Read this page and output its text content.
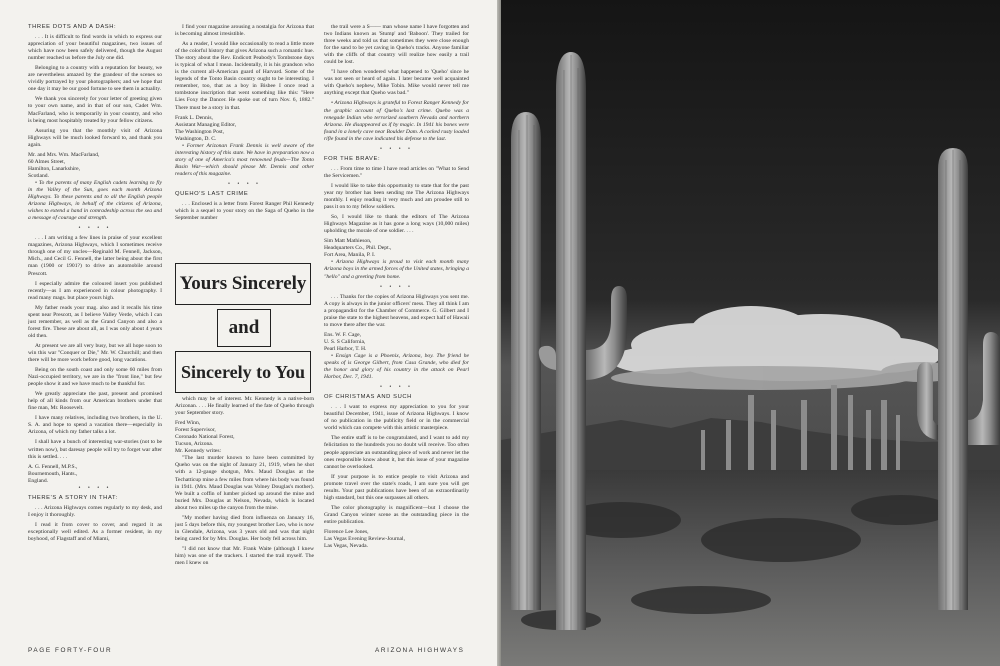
THREE DOTS AND A DASH:

. . . It is difficult to find words in which to express our appreciation of your beautiful magazines, two issues of which have now been safely delivered, though the August number reached us before the July one did.

Belonging to a country with a reputation for beauty, we are nevertheless amazed by the grandeur of the scenes so vividly portrayed by your photographers; and we hope that one day it may be our good fortune to see them in actuality.

We thank you sincerely for your letter of greeting given to your own name, and in that of our son, Cadet Wm. MacFarland, who is temporarily in your country, and who is being most hospitably treated by your fellow citizens.

Assuring you that the monthly visit of Arizona Highways will be much looked forward to, and thank you again.

Mr. and Mrs. Wm. MacFarland,

60 Almes Street,

Hamilton, Lanarkshire,

Scotland.

• To the parents of many English cadets learning to fly in the Valley of the Sun, goes each month Arizona Highways. To these parents and to all the English people Arizona Highways, in behalf of the citizens of Arizona, wishes to extend a hand in comradeship across the sea and a message of courage and strength.

• • • •

. . . I am writing a few lines in praise of your excellent magazines, Arizona Highways, which I sometimes receive through one of my uncles—Reginald M. Fennell, Jackson, Mich., and Cecil G. Fennell, the latter being about the first man (1900 or 1901?) to drive an automobile around Prescott.

I especially admire the coloured insert you published recently—as I am experienced in colour photography. I read many mags. but place yours high.

My father reads your mag. also and it recalls his time spent near Prescott, as I believe Valley Verde, which I can just remember, as well as the Grand Canyon and also a forest fire. These are about all, as I was only about 4 years old then.

At present we are all very busy, but we all hope soon to win this war "Conquer or Die," Mr. W. Churchill; and then there will be more work before good, long vacations.

Being on the south coast and only some 60 miles from Nazi-occupied territory, we are in the "front line," but few people show it and we have much to be thankful for.

We greatly appreciate the past, present and promised help of all kinds from our American brothers under that fine man, Mr. Roosevelt.

I have many relatives, including two brothers, in the U. S. A. and hope to spend a vacation there—especially in Arizona, of which my father talks a lot.

I shall have a bunch of interesting war-stories (not to be written now), but daresay people will try to forget war after this is settled. . . .

A. G. Fennell, M.P.S.,

Bournemouth, Hants.,

England.

• • • •

THERE'S A STORY IN THAT:

. . . Arizona Highways comes regularly to my desk, and I enjoy it thoroughly.

I read it from cover to cover, and regard it as exceptionally well edited. As a former resident, in my boyhood, of Flagstaff and of Miami,

I find your magazine arousing a nostalgia for Arizona that is becoming almost irresistible.

As a reader, I would like occasionally to read a little more of the colorful history that gives Arizona such a romantic hue. The story about the Rev. Endicott Peabody's Tombstone days is typical of what I mean. Incidentally, it is his grandson who is the current all-American guard of Harvard. Some of the legends of the Tonto Basin country ought to be interesting. I remember, too, that as a boy in Bisbee I once read a tombstone inscription that went something like this: "Here Lies Foxy the Dancer. He spoke out of turn Nov. 6, 1882." There must be a story in that.

Frank L. Dennis,

Assistant Managing Editor,

The Washington Post,

Washington, D. C.

• Former Arizonan Frank Dennis is well aware of the interesting history of this state. We have in preparation now a story of one of America's most renowned feuds—The Tonto Basin War—which should please Mr. Dennis and other readers of this magazine.

• • • •

QUEHO'S LAST CRIME

. . . Enclosed is a letter from Forest Ranger Phil Kennedy which is a sequel to your story on the Saga of Queho in the September number

Yours Sincerely
and
Sincerely to You

which may be of interest. Mr. Kennedy is a native-born Arizonan. . . . He finally learned of the fate of Queho through your September story.

Fred Winn,

Forest Supervisor,

Coronado National Forest,

Tucson, Arizona.

Mr. Kennedy writes:

"The last murder known to have been committed by Queho was on the night of January 21, 1919, when he shot with a 12-gauge shotgun, Mrs. Maud Douglas at the Techatticup mine a few miles from where his body was found in 1941. (Mrs. Maud Douglas was Volney Douglas's mother). We built a coffin of lumber picked up around the mine and buried Mrs. Douglas at Nelson, Nevada, which is located about two miles up the canyon from the mine.

"My mother having died from influenza on January 16, just 5 days before this, my youngest brother Leo, who is now in Glendale, Arizona, was 3 years old and was that night being cared for by Mrs. Douglas. Her body fell across him.

"I did not know that Mr. Frank Waite (although I knew him) was one of the trackers. I started the trail myself. The men I knew on

the trail were a S—— man whose name I have forgotten and two Indians known as 'Stump' and 'Baboon'. They trailed for three weeks and told us that sometimes they were close enough for the sand to be yet caving in Queho's tracks. Anyone familiar with the cliffs of that country will realize how easily a trail could be lost.

"I have often wondered what happened to 'Queho' since he was not seen or heard of again. I later became well acquainted with Queho's nephew, Mike Tobin. Mike would never tell me anything except that Queho was bad."

• Arizona Highways is grateful to Forest Ranger Kennedy for the graphic account of Queho's last crime. Queho was a renegade Indian who terrorized southern Nevada and northern Arizona. He disappeared as if by magic. In 1941 his bones were found in a lonely cave near Boulder Dam. A cocked rusty loaded rifle found in the cave indicated his defense to the last.

• • • •

FOR THE BRAVE:

. . . From time to time I have read articles on "What to Send the Servicemen."

I would like to take this opportunity to state that for the past year my brother has been sending me The Arizona Highways monthly. I enjoy reading it very much and am proudee still to pass it on to my fellow soldiers.

So, I would like to thank the editors of The Arizona Highways Magazine as it has gone a long ways (10,000 miles) upholding the morale of one soldier. . . .

Sim Matt Mathieson,

Headquarters Co., Phil. Dept.,

Fort Area, Manila, P. I.

• Arizona Highways is proud to visit each month many Arizona boys in the armed forces of the United states, bringing a "hello" and a greeting from home.

• • • •

. . . Thanks for the copies of Arizona Highways you sent me. A copy is always in the junior officers' mess. They all think I am a propagandist for the Chamber of Commerce. G. Gilbert and I praise the state to the highest heavens, and expect half of Hawaii to move there after the war.

Ens. W. F. Cage,

U. S. S California,

Pearl Harbor, T. H.

• Ensign Cage is a Phoenix, Arizona, boy. The friend he speaks of is George Gilbert, from Casa Grande, who died for the honor and glory of his country in the attack on Pearl Harbor, Dec. 7, 1941.

• • • •

OF CHRISTMAS AND SUCH

. . . I want to express my appreciation to you for your beautiful December, 1941, issue of Arizona Highways. I know of no publication in the publicity field or in the commercial world which can compete with this artistic masterpiece.

The entire staff is to be congratulated, and I want to add my felicitation to the hundreds you no doubt will receive. Too often people appreciate an outstanding piece of work and never let the ones responsible know about it, but this issue of your magazine cannot be overlooked.

If your purpose is to entice people to visit Arizona and promote travel over the state's roads, I am sure you will get results. Your past publications have been of an extraordinarily high standard, but this one surpasses all others.

The color photography is magnificent—but I choose the Grand Canyon winter scene as the outstanding piece in the entire publication.

Florence Lee Jones,

Las Vegas Evening Review-Journal,

Las Vegas, Nevada.

PAGE FORTY-FOUR	ARIZONA HIGHWAYS
